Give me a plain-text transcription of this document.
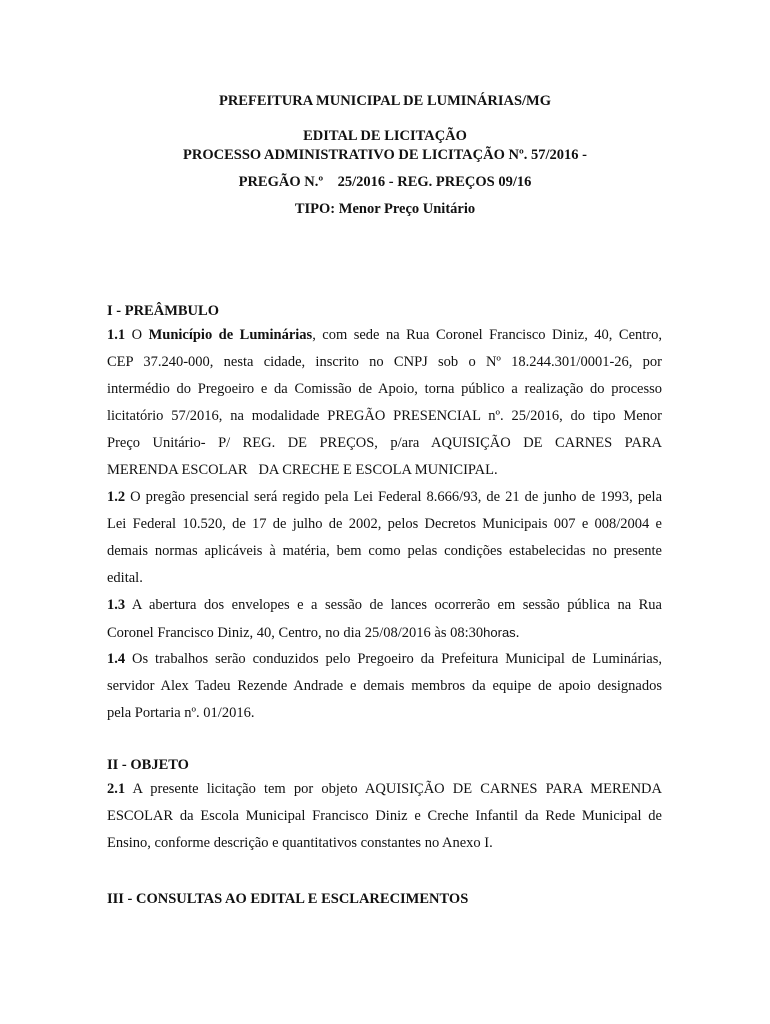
PREFEITURA MUNICIPAL DE LUMINÁRIAS/MG
EDITAL DE LICITAÇÃO
PROCESSO ADMINISTRATIVO DE LICITAÇÃO Nº. 57/2016 -
PREGÃO N.º    25/2016 - REG. PREÇOS 09/16
TIPO: Menor Preço Unitário
I - PREÂMBULO
1.1 O Município de Luminárias, com sede na Rua Coronel Francisco Diniz, 40, Centro,
CEP 37.240-000, nesta cidade, inscrito no CNPJ sob o Nº 18.244.301/0001-26, por
intermédio do Pregoeiro e da Comissão de Apoio, torna público a realização do processo
licitatório 57/2016, na modalidade PREGÃO PRESENCIAL nº. 25/2016, do tipo Menor
Preço Unitário- P/ REG. DE PREÇOS, p/ara AQUISIÇÃO DE CARNES PARA
MERENDA ESCOLAR   DA CRECHE E ESCOLA MUNICIPAL.
1.2 O pregão presencial será regido pela Lei Federal 8.666/93, de 21 de junho de 1993, pela
Lei Federal 10.520, de 17 de julho de 2002, pelos Decretos Municipais 007 e 008/2004 e
demais normas aplicáveis à matéria, bem como pelas condições estabelecidas no presente
edital.
1.3 A abertura dos envelopes e a sessão de lances ocorrerão em sessão pública na Rua
Coronel Francisco Diniz, 40, Centro, no dia 25/08/2016 às 08:30horas.
1.4 Os trabalhos serão conduzidos pelo Pregoeiro da Prefeitura Municipal de Luminárias,
servidor Alex Tadeu Rezende Andrade e demais membros da equipe de apoio designados
pela Portaria nº. 01/2016.
II - OBJETO
2.1 A presente licitação tem por objeto AQUISIÇÃO DE CARNES PARA MERENDA
ESCOLAR da Escola Municipal Francisco Diniz e Creche Infantil da Rede Municipal de
Ensino, conforme descrição e quantitativos constantes no Anexo I.
III - CONSULTAS AO EDITAL E ESCLARECIMENTOS
